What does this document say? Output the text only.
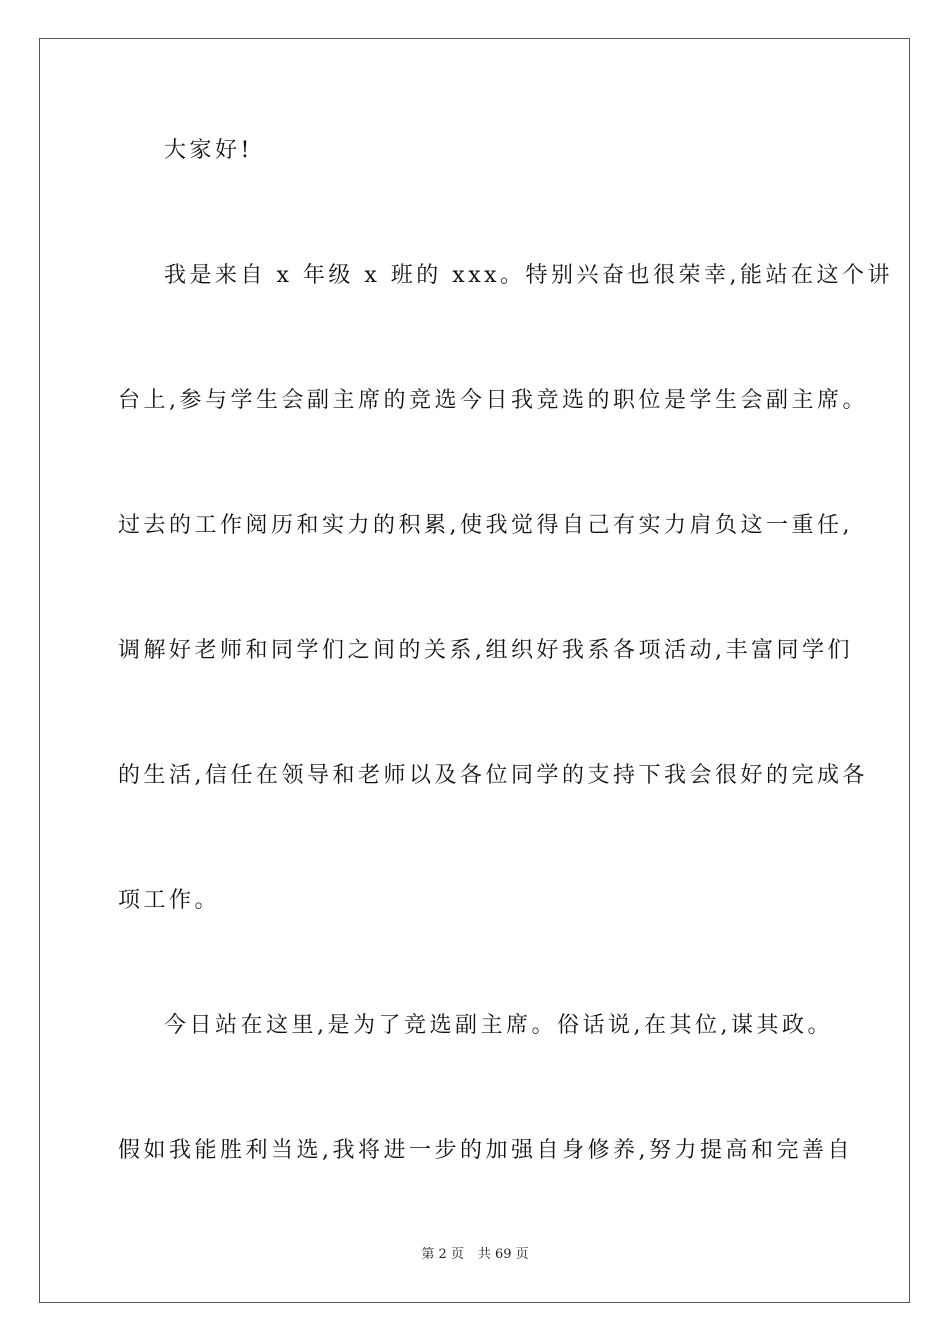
大家好!
我是来自 x 年级 x 班的 xxx。特别兴奋也很荣幸,能站在这个讲
台上,参与学生会副主席的竞选今日我竞选的职位是学生会副主席。
过去的工作阅历和实力的积累,使我觉得自己有实力肩负这一重任,
调解好老师和同学们之间的关系,组织好我系各项活动,丰富同学们
的生活,信任在领导和老师以及各位同学的支持下我会很好的完成各
项工作。
今日站在这里,是为了竞选副主席。俗话说,在其位,谋其政。
假如我能胜利当选,我将进一步的加强自身修养,努力提高和完善自
第 2 页 共 69 页
